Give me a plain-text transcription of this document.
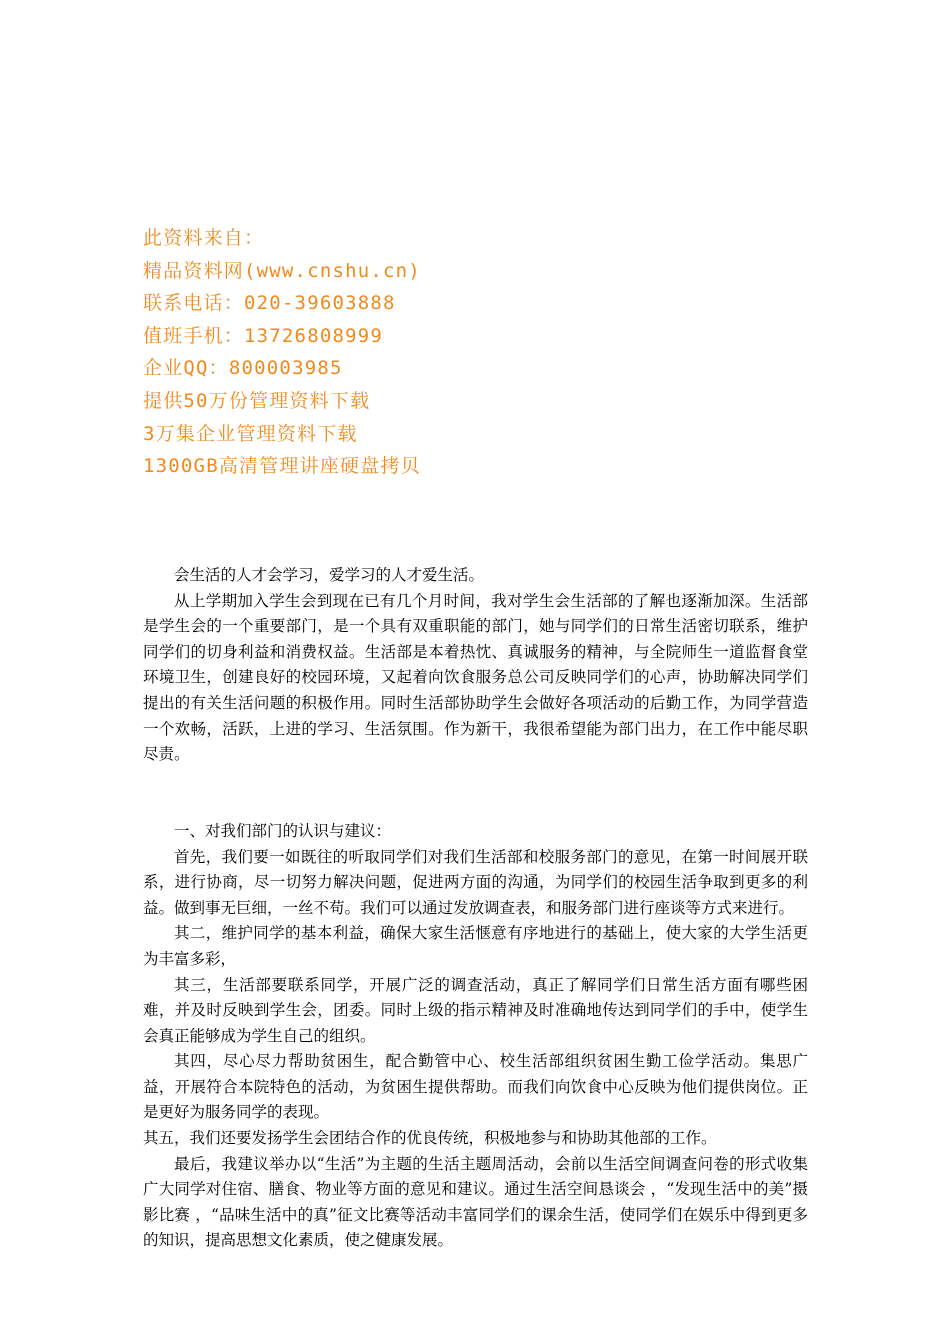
此资料来自：
精品资料网(www.cnshu.cn)
联系电话：020-39603888
值班手机：13726808999
企业QQ：800003985
提供50万份管理资料下载
3万集企业管理资料下载
1300GB高清管理讲座硬盘拷贝

会生活的人才会学习，爱学习的人才爱生活。

从上学期加入学生会到现在已有几个月时间，我对学生会生活部的了解也逐渐加深。生活部是学生会的一个重要部门，是一个具有双重职能的部门，她与同学们的日常生活密切联系，维护同学们的切身利益和消费权益。生活部是本着热忱、真诚服务的精神，与全院师生一道监督食堂环境卫生，创建良好的校园环境，又起着向饮食服务总公司反映同学们的心声，协助解决同学们提出的有关生活问题的积极作用。同时生活部协助学生会做好各项活动的后勤工作，为同学营造一个欢畅，活跃，上进的学习、生活氛围。作为新干，我很希望能为部门出力，在工作中能尽职尽责。

一、对我们部门的认识与建议：

首先，我们要一如既往的听取同学们对我们生活部和校服务部门的意见，在第一时间展开联系，进行协商，尽一切努力解决问题，促进两方面的沟通，为同学们的校园生活争取到更多的利益。做到事无巨细，一丝不苟。我们可以通过发放调查表，和服务部门进行座谈等方式来进行。

其二，维护同学的基本利益，确保大家生活惬意有序地进行的基础上，使大家的大学生活更为丰富多彩，

其三，生活部要联系同学，开展广泛的调查活动，真正了解同学们日常生活方面有哪些困难，并及时反映到学生会，团委。同时上级的指示精神及时准确地传达到同学们的手中，使学生会真正能够成为学生自己的组织。

其四，尽心尽力帮助贫困生，配合勤管中心、校生活部组织贫困生勤工俭学活动。集思广益，开展符合本院特色的活动，为贫困生提供帮助。而我们向饮食中心反映为他们提供岗位。正是更好为服务同学的表现。

其五，我们还要发扬学生会团结合作的优良传统，积极地参与和协助其他部的工作。

最后，我建议举办以“生活”为主题的生活主题周活动，会前以生活空间调查问卷的形式收集广大同学对住宿、膳食、物业等方面的意见和建议。通过生活空间恳谈会 ，“发现生活中的美”摄影比赛 ，“品味生活中的真”征文比赛等活动丰富同学们的课余生活，使同学们在娱乐中得到更多的知识，提高思想文化素质，使之健康发展。
